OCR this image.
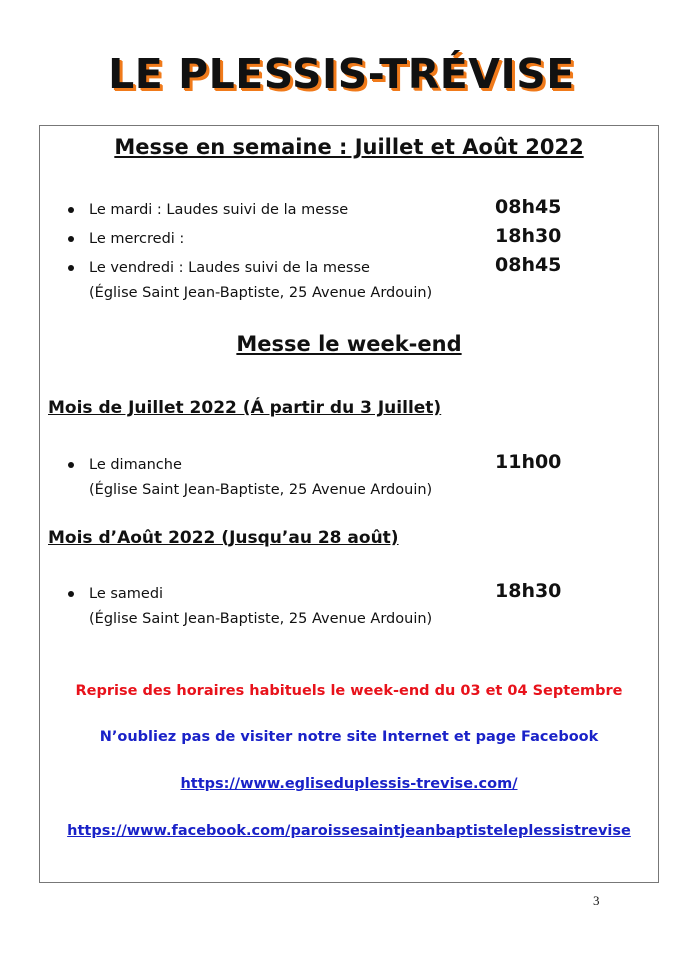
LE PLESSIS-TRÉVISE
Messe en semaine : Juillet et Août 2022
Le mardi : Laudes suivi de la messe	08h45
Le mercredi :	18h30
Le vendredi : Laudes suivi de la messe	08h45
(Église Saint Jean-Baptiste, 25 Avenue Ardouin)
Messe le week-end
Mois de Juillet 2022 (Á partir du 3 Juillet)
Le dimanche	11h00
(Église Saint Jean-Baptiste, 25 Avenue Ardouin)
Mois d’Août 2022 (Jusqu’au 28 août)
Le samedi	18h30
(Église Saint Jean-Baptiste, 25 Avenue Ardouin)
Reprise des horaires habituels le week-end du 03 et 04 Septembre
N’oubliez pas de visiter notre site Internet et page Facebook
https://www.egliseduplessis-trevise.com/
https://www.facebook.com/paroissesaintjeanbaptisteleplessistrevise
3
